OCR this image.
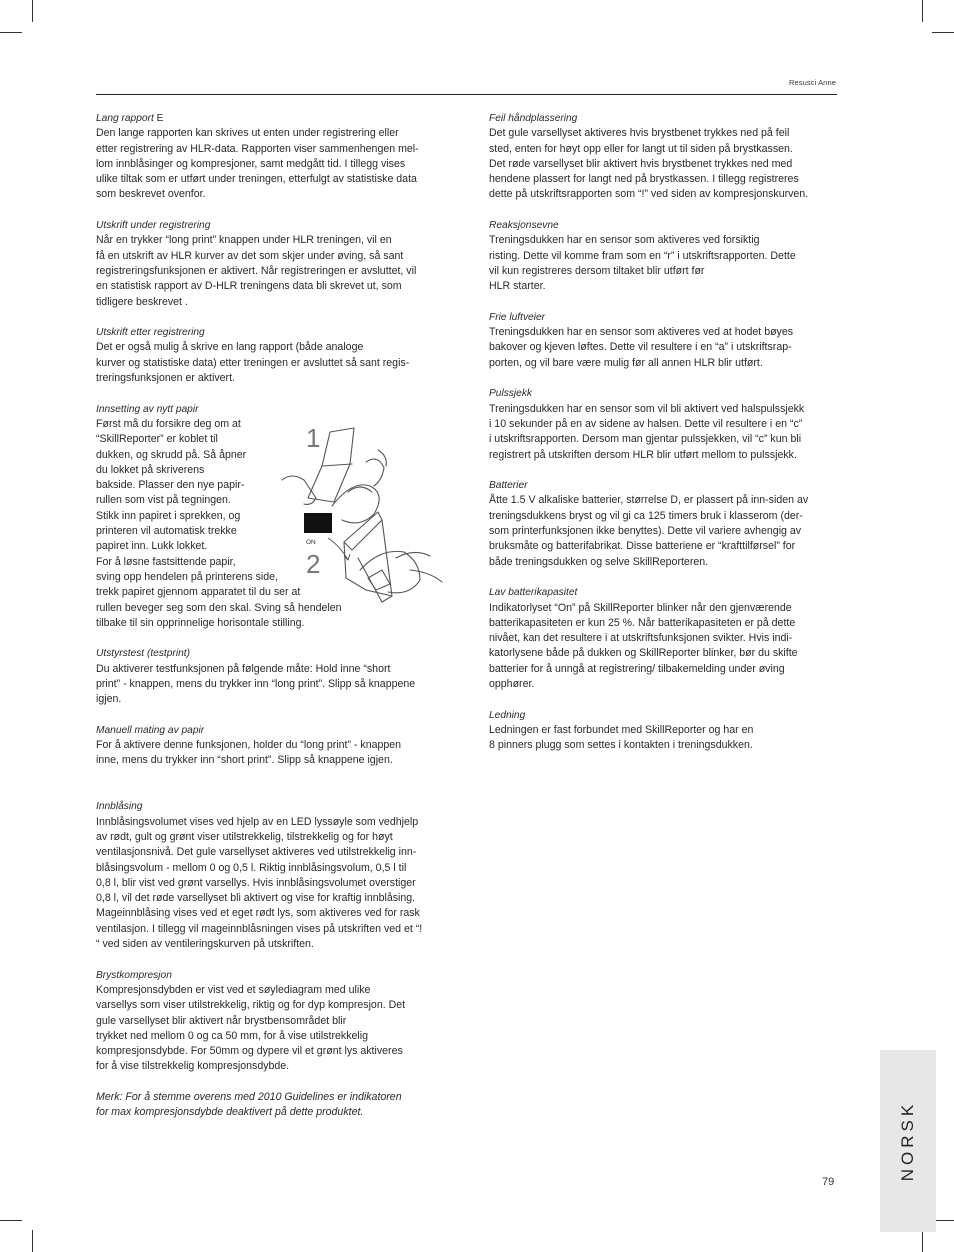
Resusci Anne
Lang rapport E

Den lange rapporten kan skrives ut enten under registrering eller
etter registrering av HLR-data. Rapporten viser sammenhengen mel-
lom innblåsinger og kompresjoner, samt medgått tid. I tillegg vises
ulike tiltak som er utført under treningen, etterfulgt av statistiske data
som beskrevet ovenfor.

Utskrift under registrering

Når en trykker “long print” knappen under HLR treningen, vil en
få en utskrift av HLR kurver av det som skjer under øving, så sant
registreringsfunksjonen er aktivert. Når registreringen er avsluttet, vil
en statistisk rapport av D-HLR treningens data bli skrevet ut, som
tidligere beskrevet .

Utskrift etter registrering

Det er også mulig å skrive en lang rapport (både analoge
kurver og statistiske data) etter treningen er avsluttet så sant regis-
treringsfunksjonen er aktivert.

Innsetting av nytt papir

Først må du forsikre deg om at
“SkillReporter” er koblet til
dukken, og skrudd på. Så åpner
du lokket på skriverens
bakside. Plasser den nye papir-
rullen som vist på tegningen.
Stikk inn papiret i sprekken, og
printeren vil automatisk trekke
papiret inn. Lukk lokket.
For å løsne fastsittende papir,
sving opp hendelen på printerens side,
trekk papiret gjennom apparatet til du ser at
rullen beveger seg som den skal. Sving så hendelen
tilbake til sin opprinnelige horisontale stilling.

Utstyrstest (testprint)

Du aktiverer testfunksjonen på følgende måte: Hold inne “short
print” - knappen, mens du trykker inn “long print”. Slipp så knappene
igjen.

Manuell mating av papir

For å aktivere denne funksjonen, holder du “long print” - knappen
inne, mens du trykker inn “short print”. Slipp så knappene igjen.

Innblåsing

Innblåsingsvolumet vises ved hjelp av en LED lyssøyle som vedhjelp
av rødt, gult og grønt viser utilstrekkelig, tilstrekkelig og for høyt
ventilasjonsnivå. Det gule varsellyset aktiveres ved utilstrekkelig inn-
blåsingsvolum - mellom 0 og 0,5 l. Riktig innblåsingsvolum, 0,5 l til
0,8 l, blir vist ved grønt varsellys. Hvis innblåsingsvolumet overstiger
0,8 l, vil det røde varsellyset bli aktivert og vise for kraftig innblåsing.
Mageinnblåsing vises ved et eget rødt lys, som aktiveres ved for rask
ventilasjon. I tillegg vil mageinnblåsningen vises på utskriften ved et “!
“ ved siden av ventileringskurven på utskriften.

Brystkompresjon

Kompresjonsdybden er vist ved et søylediagram med ulike
varsellys som viser utilstrekkelig, riktig og for dyp kompresjon. Det
gule varsellyset blir aktivert når brystbensområdet blir
trykket ned mellom 0 og ca 50 mm, for å vise utilstrekkelig
kompresjonsdybde. For 50mm og dypere vil et grønt lys aktiveres
for å vise tilstrekkelig kompresjonsdybde.

Merk: For å stemme overens med 2010 Guidelines er indikatoren
for max kompresjonsdybde deaktivert på dette produktet.

1
ON
2
Feil håndplassering

Det gule varsellyset aktiveres hvis brystbenet trykkes ned på feil
sted, enten for høyt opp eller for langt ut til siden på brystkassen.
Det røde varsellyset blir aktivert hvis brystbenet trykkes ned med
hendene plassert for langt ned på brystkassen. I tillegg registreres
dette på utskriftsrapporten som “!” ved siden av kompresjonskurven.

Reaksjonsevne

Treningsdukken har en sensor som aktiveres ved forsiktig
risting. Dette vil komme fram som en “r” i utskriftsrapporten. Dette
vil kun registreres dersom tiltaket blir utført før
HLR starter.

Frie luftveier

Treningsdukken har en sensor som aktiveres ved at hodet bøyes
bakover og kjeven løftes. Dette vil resultere i en “a” i utskriftsrap-
porten, og vil bare være mulig før all annen HLR blir utført.

Pulssjekk

Treningsdukken har en sensor som vil bli aktivert ved halspulssjekk
i 10 sekunder på en av sidene av halsen. Dette vil resultere i en “c”
i utskriftsrapporten. Dersom man gjentar pulssjekken, vil “c” kun bli
registrert på utskriften dersom HLR blir utført mellom to pulssjekk.

Batterier

Åtte 1.5 V alkaliske batterier, størrelse D, er plassert på inn-siden av
treningsdukkens bryst og vil gi ca 125 timers bruk i klasserom (der-
som printerfunksjonen ikke benyttes). Dette vil variere avhengig av
bruksmåte og batterifabrikat. Disse batteriene er “krafttilførsel” for
både treningsdukken og selve SkillReporteren.

Lav batterikapasitet

Indikatorlyset “On” på SkillReporter blinker når den gjenværende
batterikapasiteten er kun 25 %. Når batterikapasiteten er på dette
nivået, kan det resultere i at utskriftsfunksjonen svikter. Hvis indi-
katorlysene både på dukken og SkillReporter blinker, bør du skifte
batterier for å unngå at registrering/ tilbakemelding under øving
opphører.

Ledning

Ledningen er fast forbundet med SkillReporter og har en
8 pinners plugg som settes i kontakten i treningsdukken.

NORSK
79
